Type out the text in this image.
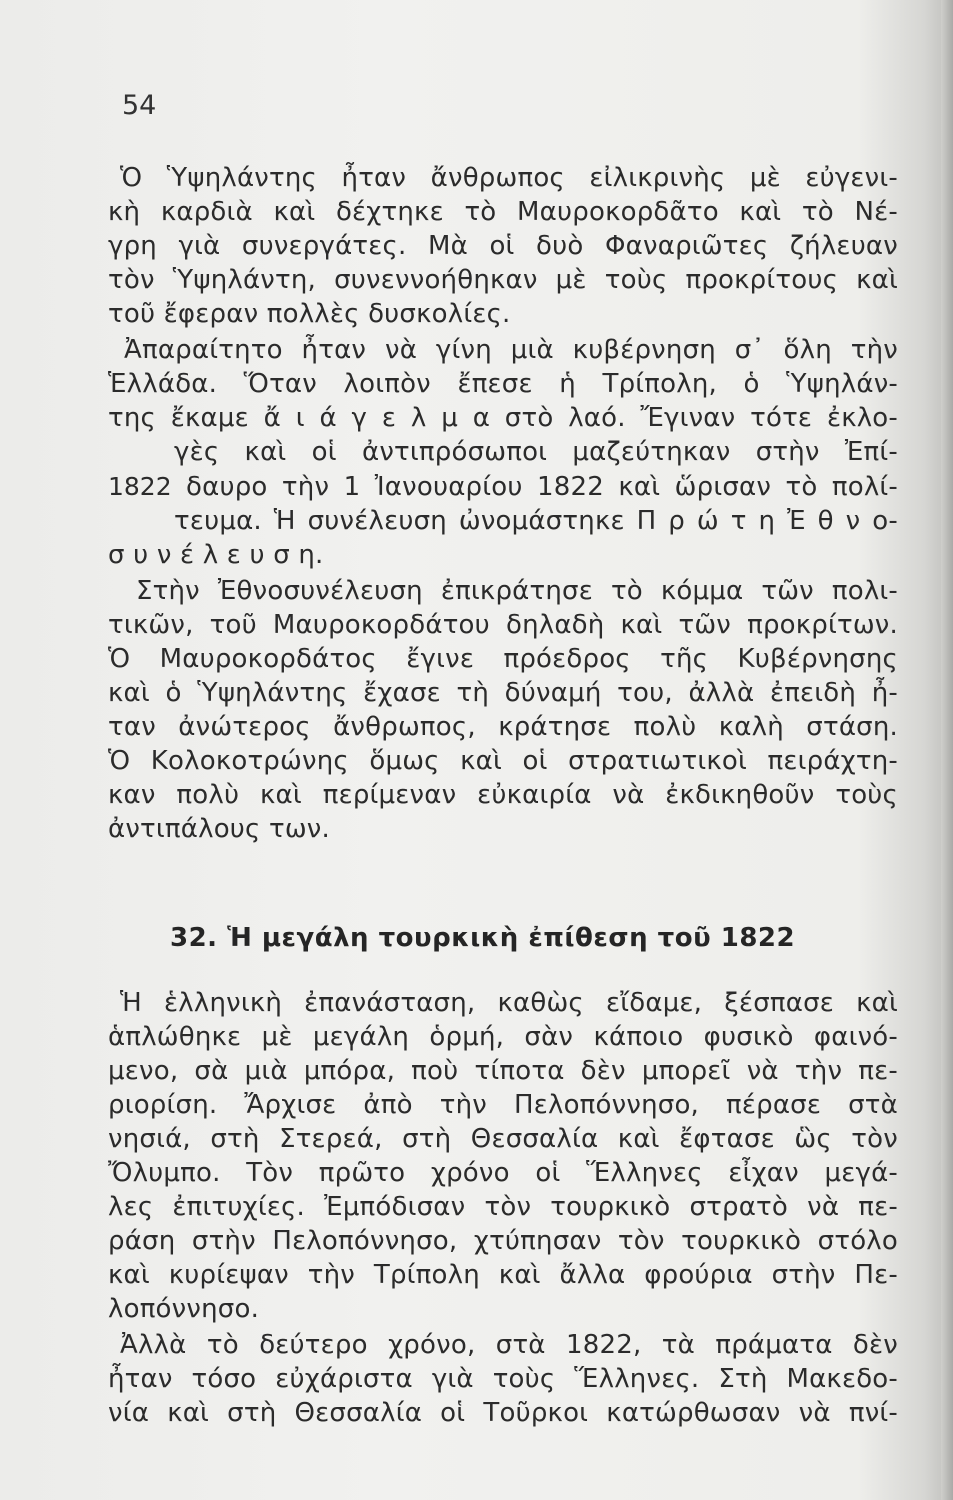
54
Ὁ Ὑψηλάντης ἦταν ἄνθρωπος εἰλικρινὴς μὲ εὐγενι-
κὴ καρδιὰ καὶ δέχτηκε τὸ Μαυροκορδᾶτο καὶ τὸ Νέ-
γρη γιὰ συνεργάτες. Μὰ οἱ δυὸ Φαναριῶτες ζήλευαν
τὸν Ὑψηλάντη, συνεννοήθηκαν μὲ τοὺς προκρίτους καὶ
τοῦ ἔφεραν πολλὲς δυσκολίες.
Ἀπαραίτητο ἦταν νὰ γίνη μιὰ κυβέρνηση σ᾽ ὅλη τὴν
Ἑλλάδα. Ὅταν λοιπὸν ἔπεσε ἡ Τρίπολη, ὁ Ὑψηλάν-
της ἔκαμε ἄ ι ά γ ε λ μ α στὸ λαό. Ἔγιναν τότε ἐκλο-
γὲς καὶ οἱ ἀντιπρόσωποι μαζεύτηκαν στὴν Ἐπί-
1822 δαυρο τὴν 1 Ἰανουαρίου 1822 καὶ ὥρισαν τὸ πολί-
τευμα. Ἡ συνέλευση ὠνομάστηκε Π ρ ώ τ η Ἐ θ ν ο-
σ υ ν έ λ ε υ σ η.
Στὴν Ἐθνοσυνέλευση ἐπικράτησε τὸ κόμμα τῶν πολι-
τικῶν, τοῦ Μαυροκορδάτου δηλαδὴ καὶ τῶν προκρίτων.
Ὁ Μαυροκορδάτος ἔγινε πρόεδρος τῆς Κυβέρνησης
καὶ ὁ Ὑψηλάντης ἔχασε τὴ δύναμή του, ἀλλὰ ἐπειδὴ ἦ-
ταν ἀνώτερος ἄνθρωπος, κράτησε πολὺ καλὴ στάση.
Ὁ Κολοκοτρώνης ὅμως καὶ οἱ στρατιωτικοὶ πειράχτη-
καν πολὺ καὶ περίμεναν εὐκαιρία νὰ ἐκδικηθοῦν τοὺς
ἀντιπάλους των.
32. Ἡ μεγάλη τουρκικὴ ἐπίθεση τοῦ 1822
Ἡ ἑλληνικὴ ἐπανάσταση, καθὼς εἴδαμε, ξέσπασε καὶ
ἁπλώθηκε μὲ μεγάλη ὁρμή, σὰν κάποιο φυσικὸ φαινό-
μενο, σὰ μιὰ μπόρα, ποὺ τίποτα δὲν μπορεῖ νὰ τὴν πε-
ριορίση. Ἄρχισε ἀπὸ τὴν Πελοπόννησο, πέρασε στὰ
νησιά, στὴ Στερεά, στὴ Θεσσαλία καὶ ἔφτασε ὣς τὸν
Ὄλυμπο. Τὸν πρῶτο χρόνο οἱ Ἕλληνες εἶχαν μεγά-
λες ἐπιτυχίες. Ἐμπόδισαν τὸν τουρκικὸ στρατὸ νὰ πε-
ράση στὴν Πελοπόννησο, χτύπησαν τὸν τουρκικὸ στόλο
καὶ κυρίεψαν τὴν Τρίπολη καὶ ἄλλα φρούρια στὴν Πε-
λοπόννησο.
Ἀλλὰ τὸ δεύτερο χρόνο, στὰ 1822, τὰ πράματα δὲν
ἦταν τόσο εὐχάριστα γιὰ τοὺς Ἕλληνες. Στὴ Μακεδο-
νία καὶ στὴ Θεσσαλία οἱ Τοῦρκοι κατώρθωσαν νὰ πνί-
